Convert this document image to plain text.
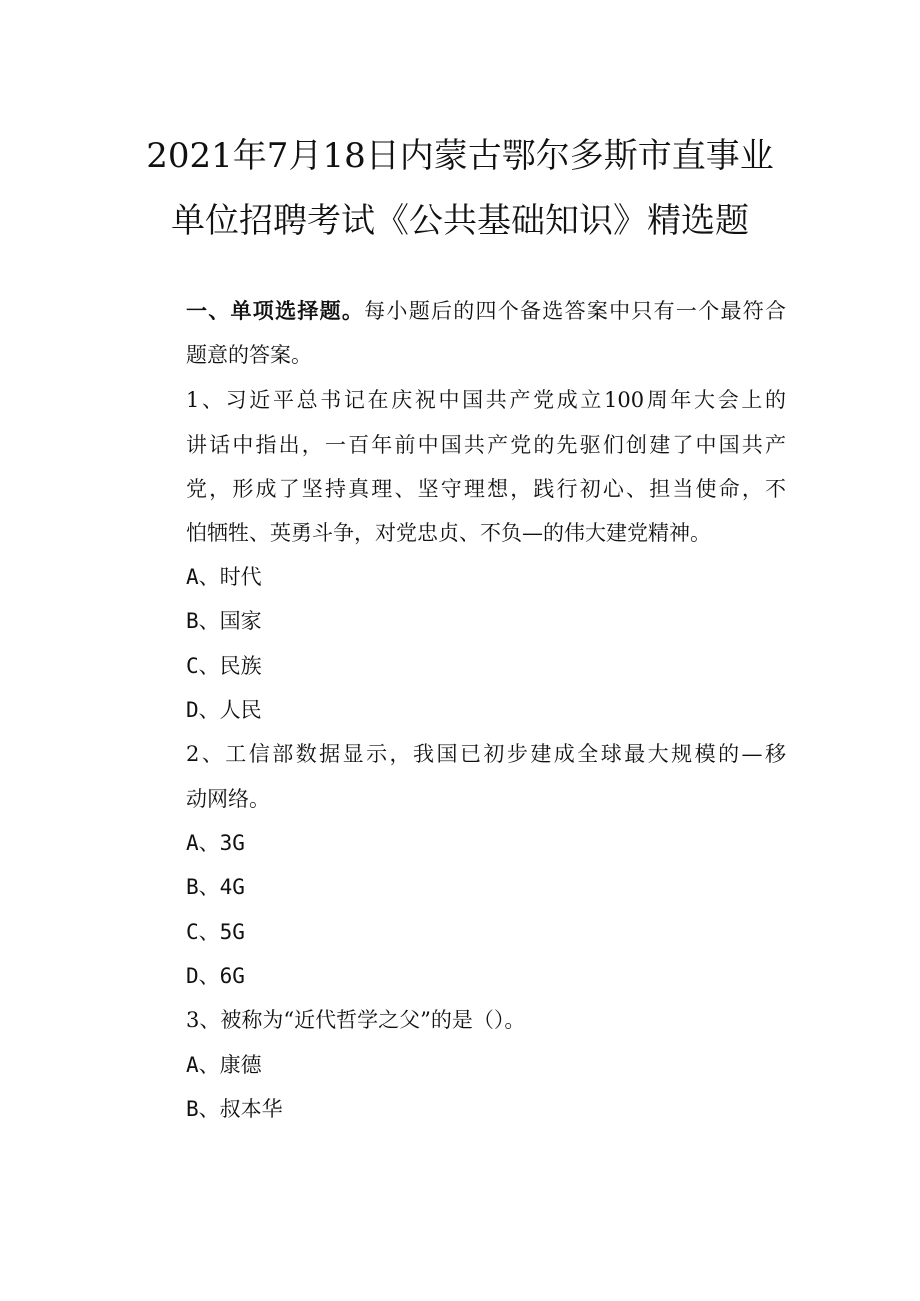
2021年7月18日内蒙古鄂尔多斯市直事业
单位招聘考试《公共基础知识》精选题

一、单项选择题。每小题后的四个备选答案中只有一个最符合

题意的答案。

1、习近平总书记在庆祝中国共产党成立100周年大会上的

讲话中指出，一百年前中国共产党的先驱们创建了中国共产

党，形成了坚持真理、坚守理想，践行初心、担当使命，不

怕牺牲、英勇斗争，对党忠贞、不负—的伟大建党精神。

A、时代

B、国家

C、民族

D、人民

2、工信部数据显示，我国已初步建成全球最大规模的—移

动网络。

A、3G

B、4G

C、5G

D、6G

3、被称为“近代哲学之父”的是（）。

A、康德

B、叔本华
